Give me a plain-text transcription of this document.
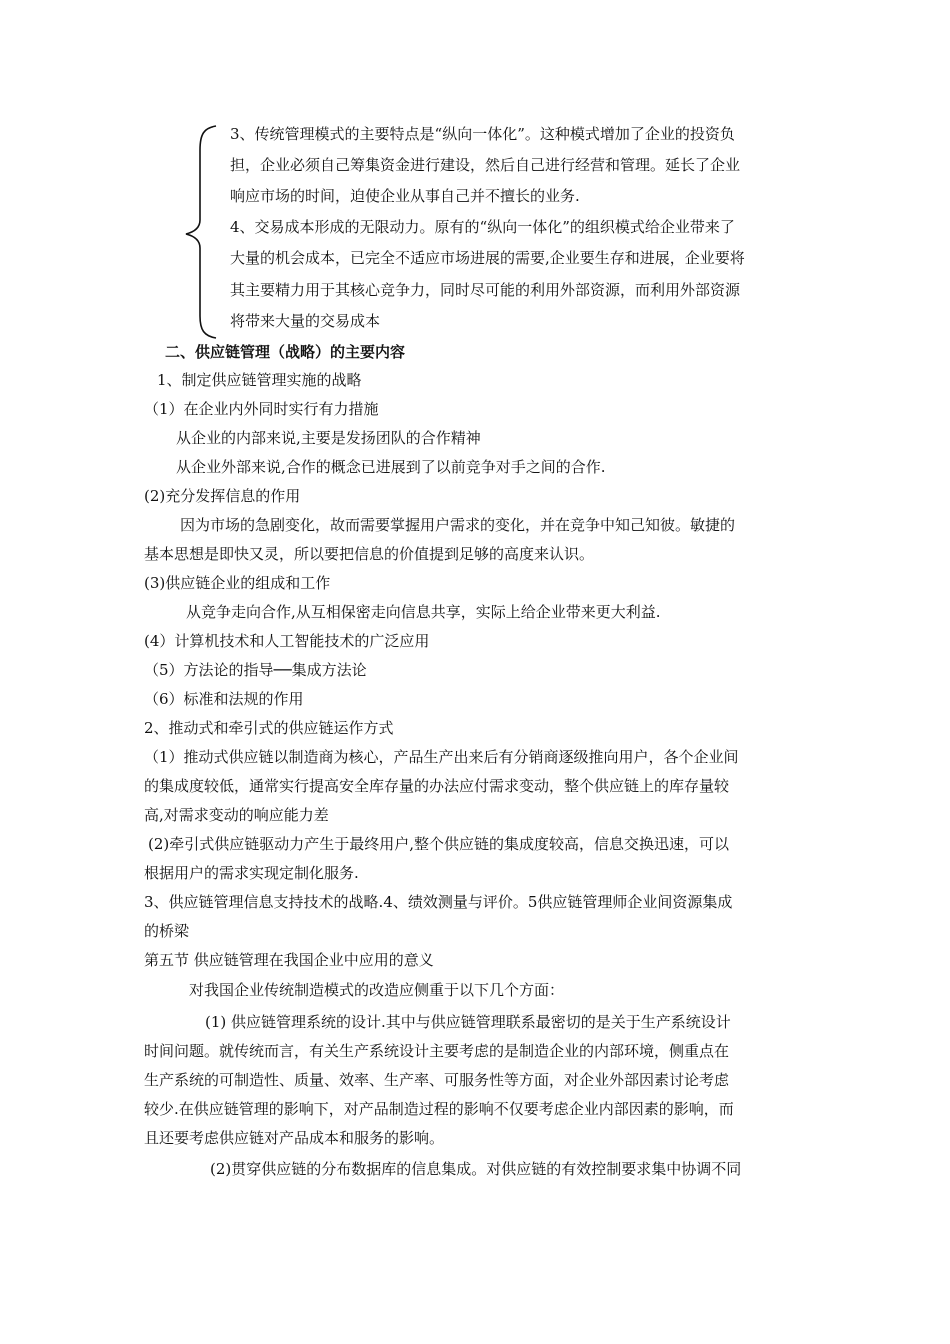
3、传统管理模式的主要特点是“纵向一体化”。这种模式增加了企业的投资负
担，企业必须自己筹集资金进行建设，然后自己进行经营和管理。延长了企业
响应市场的时间，迫使企业从事自己并不擅长的业务.
4、交易成本形成的无限动力。原有的“纵向一体化”的组织模式给企业带来了
大量的机会成本，已完全不适应市场进展的需要,企业要生存和进展，企业要将
其主要精力用于其核心竞争力，同时尽可能的利用外部资源，而利用外部资源
将带来大量的交易成本
二、供应链管理（战略）的主要内容
1、制定供应链管理实施的战略
（1）在企业内外同时实行有力措施
从企业的内部来说,主要是发扬团队的合作精神
从企业外部来说,合作的概念已进展到了以前竞争对手之间的合作.
(2)充分发挥信息的作用
因为市场的急剧变化，故而需要掌握用户需求的变化，并在竞争中知己知彼。敏捷的
基本思想是即快又灵，所以要把信息的价值提到足够的高度来认识。
(3)供应链企业的组成和工作
从竞争走向合作,从互相保密走向信息共享，实际上给企业带来更大利益.
(4）计算机技术和人工智能技术的广泛应用
（5）方法论的指导──集成方法论
（6）标准和法规的作用
2、推动式和牵引式的供应链运作方式
（1）推动式供应链以制造商为核心，产品生产出来后有分销商逐级推向用户，各个企业间
的集成度较低，通常实行提高安全库存量的办法应付需求变动，整个供应链上的库存量较
高,对需求变动的响应能力差
(2)牵引式供应链驱动力产生于最终用户,整个供应链的集成度较高，信息交换迅速，可以
根据用户的需求实现定制化服务.
3、供应链管理信息支持技术的战略.4、绩效测量与评价。5供应链管理师企业间资源集成
的桥梁
第五节 供应链管理在我国企业中应用的意义
对我国企业传统制造模式的改造应侧重于以下几个方面：
(1) 供应链管理系统的设计.其中与供应链管理联系最密切的是关于生产系统设计
时间问题。就传统而言，有关生产系统设计主要考虑的是制造企业的内部环境，侧重点在
生产系统的可制造性、质量、效率、生产率、可服务性等方面，对企业外部因素讨论考虑
较少.在供应链管理的影响下，对产品制造过程的影响不仅要考虑企业内部因素的影响，而
且还要考虑供应链对产品成本和服务的影响。
(2)贯穿供应链的分布数据库的信息集成。对供应链的有效控制要求集中协调不同
